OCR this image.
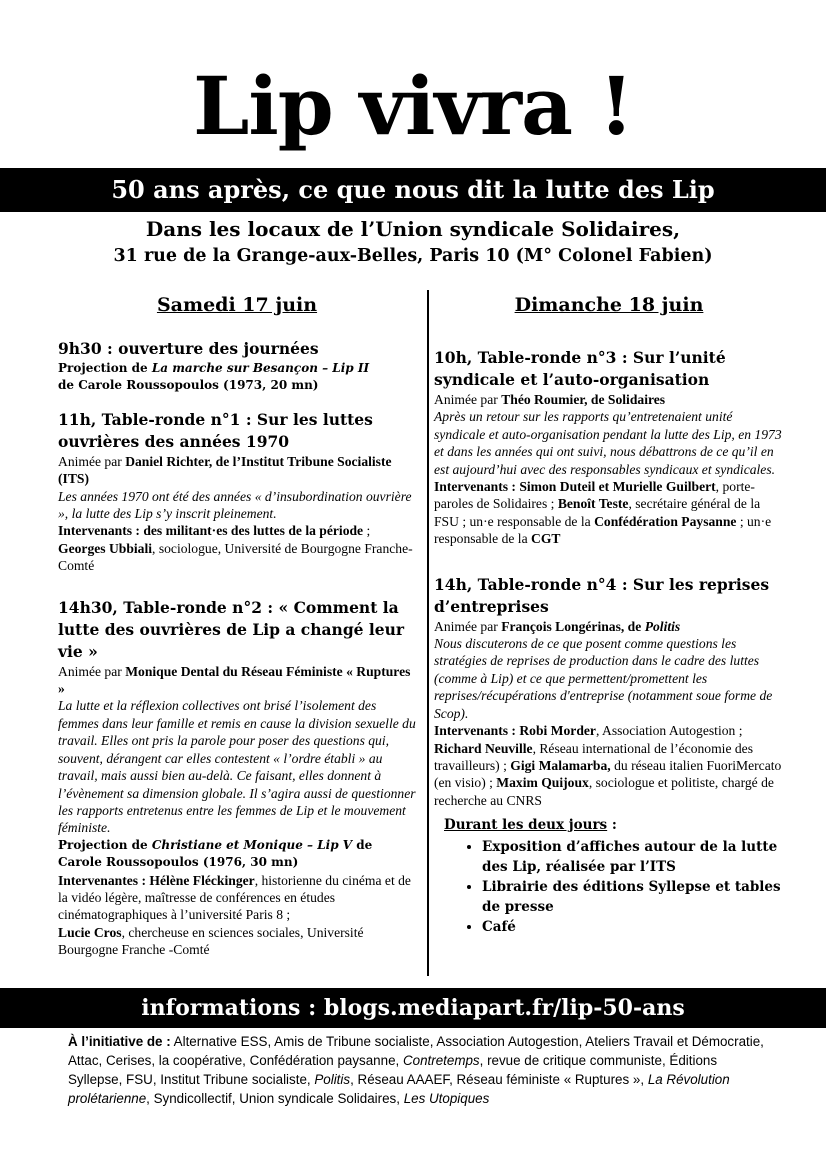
Lip vivra !
50 ans après, ce que nous dit la lutte des Lip
Dans les locaux de l’Union syndicale Solidaires,
31 rue de la Grange-aux-Belles, Paris 10 (M° Colonel Fabien)
Samedi 17 juin
9h30 : ouverture des journées

Projection de La marche sur Besançon – Lip II
de Carole Roussopoulos (1973, 20 mn)

11h, Table-ronde n°1 : Sur les luttes ouvrières des années 1970

Animée par Daniel Richter, de l’Institut Tribune Socialiste (ITS)

Les années 1970 ont été des années « d’insubordination ouvrière », la lutte des Lip s’y inscrit pleinement.

Intervenants : des militant·es des luttes de la période ; Georges Ubbiali, sociologue, Université de Bourgogne Franche-Comté

14h30, Table-ronde n°2 : « Comment la lutte des ouvrières de Lip a changé leur vie »

Animée par Monique Dental du Réseau Féministe « Ruptures »

La lutte et la réflexion collectives ont brisé l’isolement des femmes dans leur famille et remis en cause la division sexuelle du travail. Elles ont pris la parole pour poser des questions qui, souvent, dérangent car elles contestent « l’ordre établi » au travail, mais aussi bien au-delà. Ce faisant, elles donnent à l’évènement sa dimension globale. Il s’agira aussi de questionner les rapports entretenus entre les femmes de Lip et le mouvement féministe.

Projection de Christiane et Monique – Lip V de Carole Roussopoulos (1976, 30 mn)

Intervenantes : Hélène Fléckinger, historienne du cinéma et de la vidéo légère, maîtresse de conférences en études cinématographiques à l’université Paris 8 ;
Lucie Cros, chercheuse en sciences sociales, Université Bourgogne Franche -Comté

Dimanche 18 juin
10h, Table-ronde n°3 : Sur l’unité syndicale et l’auto-organisation

Animée par Théo Roumier, de Solidaires

Après un retour sur les rapports qu’entretenaient unité syndicale et auto-organisation pendant la lutte des Lip, en 1973 et dans les années qui ont suivi, nous débattrons de ce qu’il en est aujourd’hui avec des responsables syndicaux et syndicales.

Intervenants : Simon Duteil et Murielle Guilbert, porte-paroles de Solidaires ; Benoît Teste, secrétaire général de la FSU ; un·e responsable de la Confédération Paysanne ; un·e responsable de la CGT

14h, Table-ronde n°4 : Sur les reprises d’entreprises

Animée par François Longérinas, de Politis

Nous discuterons de ce que posent comme questions les stratégies de reprises de production dans le cadre des luttes (comme à Lip) et ce que permettent/promettent les reprises/récupérations d'entreprise (notamment soue forme de Scop).

Intervenants : Robi Morder, Association Autogestion ; Richard Neuville, Réseau international de l’économie des travailleurs) ; Gigi Malamarba, du réseau italien FuoriMercato (en visio) ; Maxim Quijoux, sociologue et politiste, chargé de recherche au CNRS

Durant les deux jours :
• Exposition d’affiches autour de la lutte des Lip, réalisée par l’ITS
• Librairie des éditions Syllepse et tables de presse
• Café
informations : blogs.mediapart.fr/lip-50-ans
À l’initiative de : Alternative ESS, Amis de Tribune socialiste, Association Autogestion, Ateliers Travail et Démocratie, Attac, Cerises, la coopérative, Confédération paysanne, Contretemps, revue de critique communiste, Éditions Syllepse, FSU, Institut Tribune socialiste, Politis, Réseau AAAEF, Réseau féministe « Ruptures », La Révolution prolétarienne, Syndicollectif, Union syndicale Solidaires, Les Utopiques
